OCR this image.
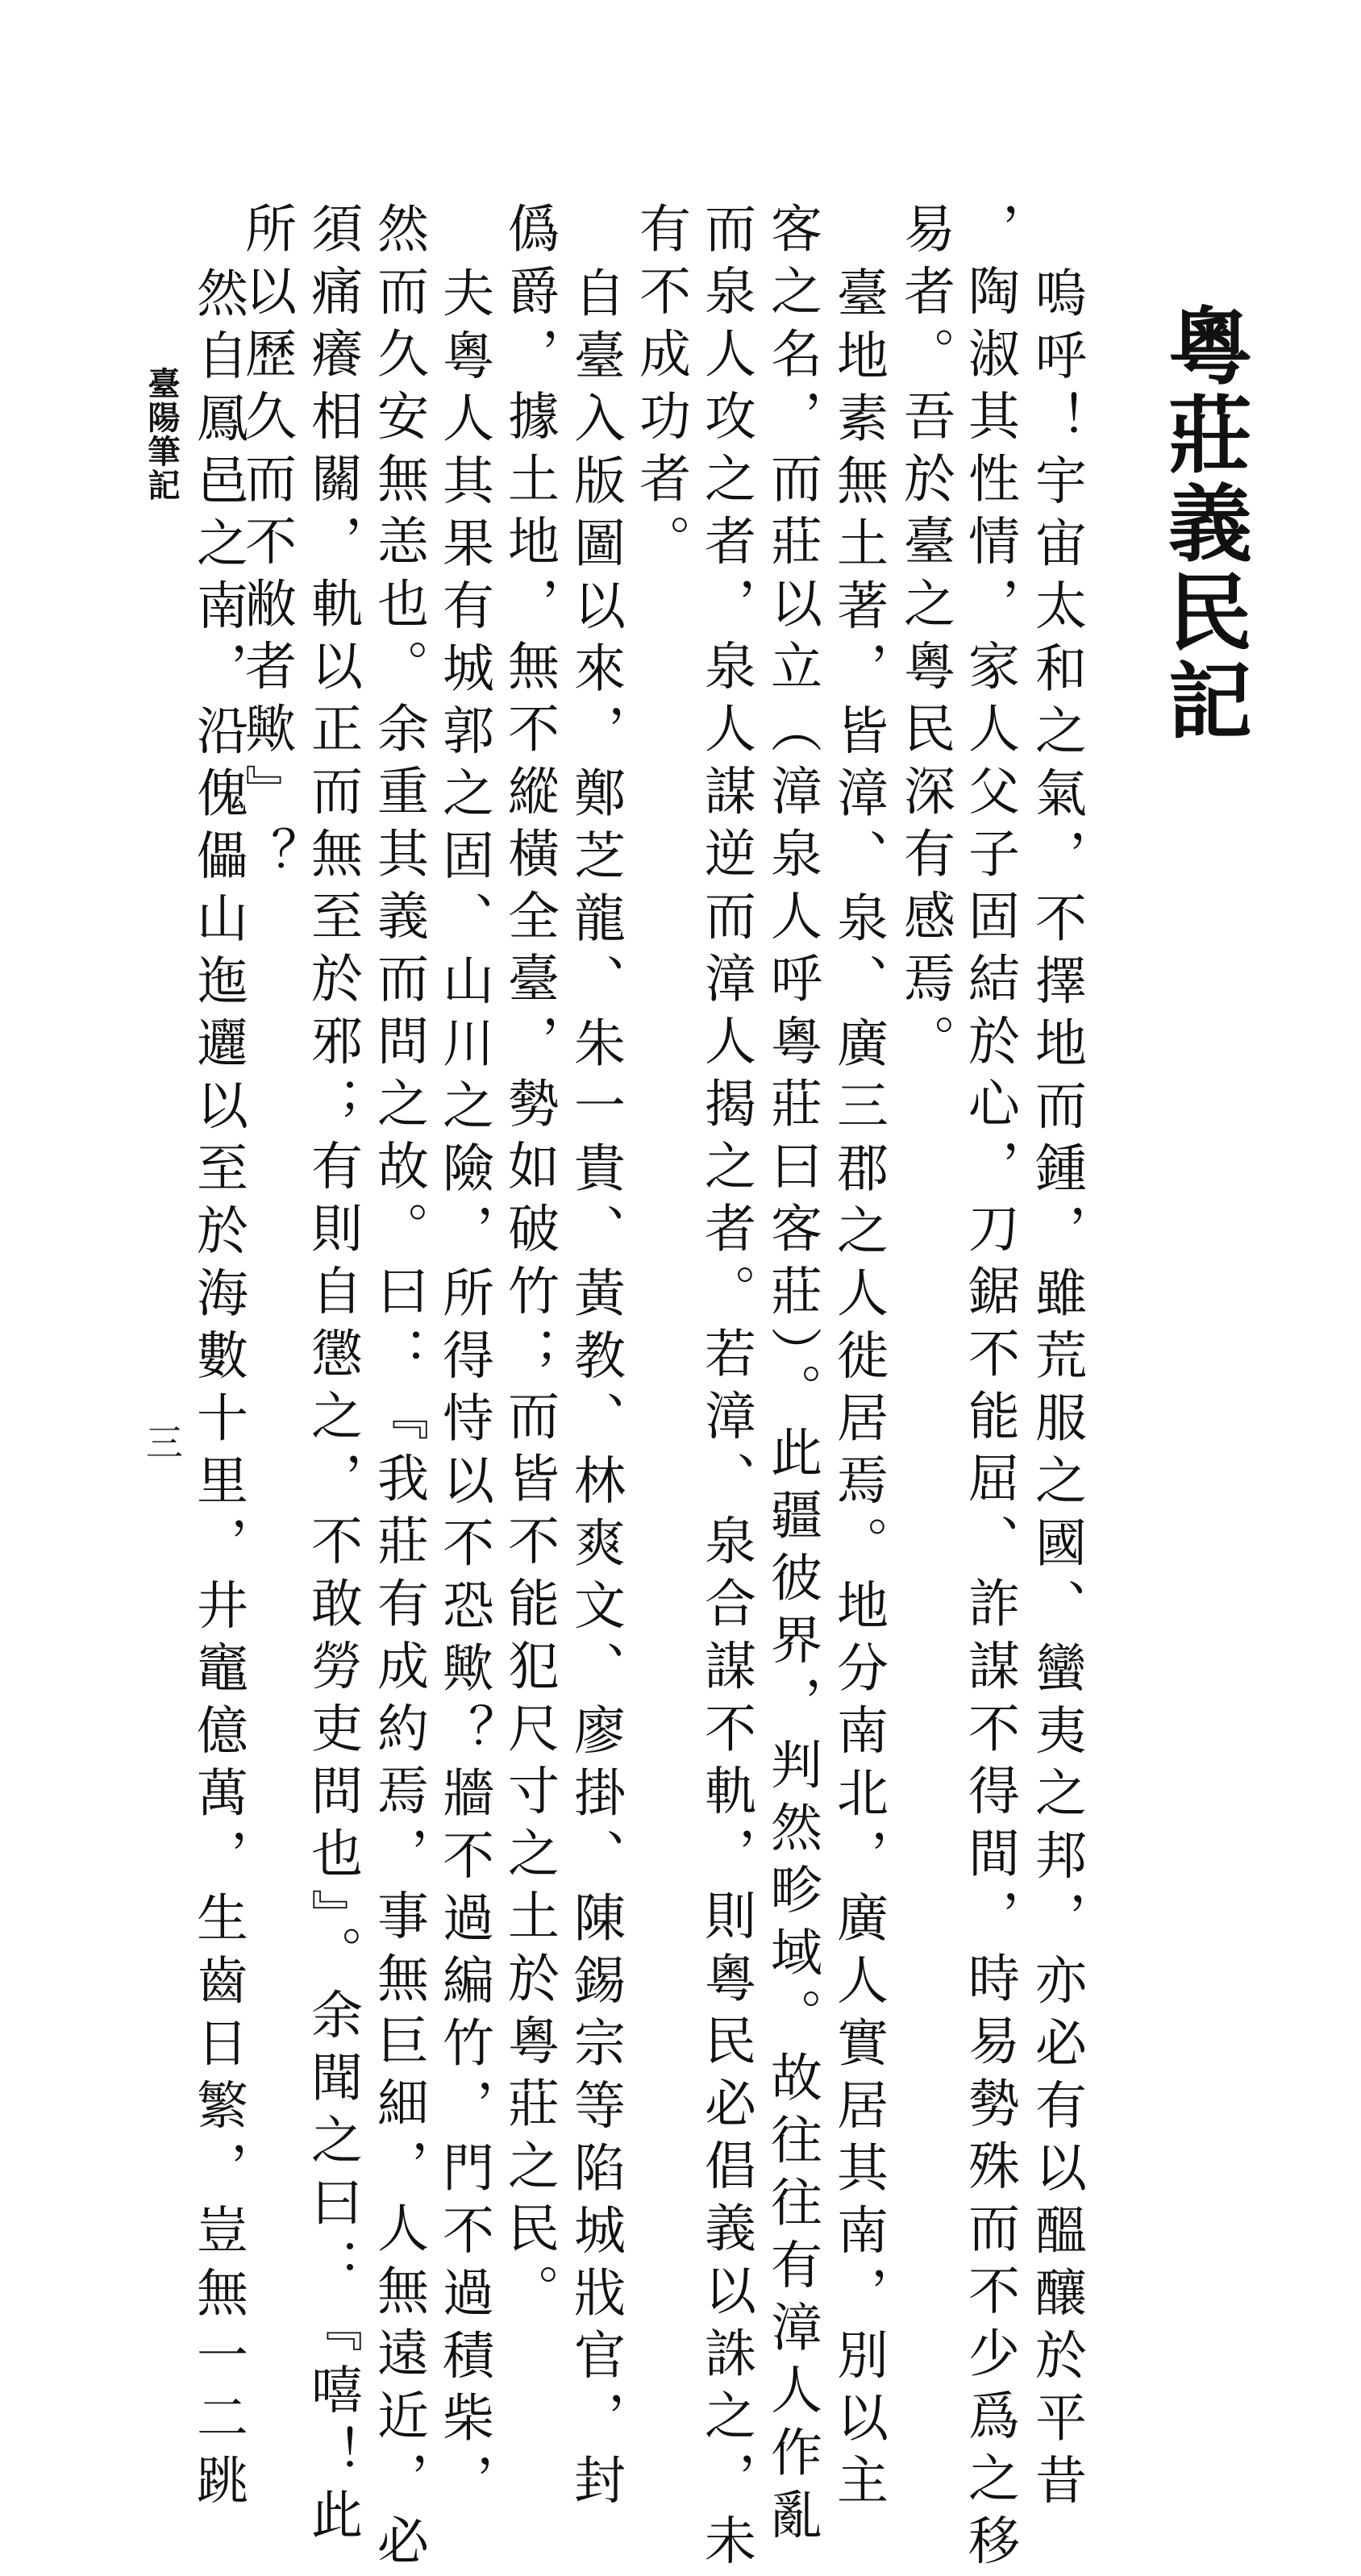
粵莊義民記
嗚呼！宇宙太和之氣，不擇地而鍾，雖荒服之國、蠻夷之邦，亦必有以醞釀於平昔
，陶淑其性情，家人父子固結於心，刀鋸不能屈、詐謀不得間，時易勢殊而不少爲之移
易者。吾於臺之粵民深有感焉。
臺地素無土著，皆漳、泉、廣三郡之人徙居焉。地分南北，廣人實居其南，別以主
客之名，而莊以立（漳泉人呼粵莊曰客莊）。此疆彼界，判然畛域。故往往有漳人作亂
而泉人攻之者，泉人謀逆而漳人揭之者。若漳、泉合謀不軌，則粵民必倡義以誅之，未
有不成功者。
自臺入版圖以來，鄭芝龍、朱一貴、黃教、林爽文、廖掛、陳錫宗等陷城戕官，封
僞爵，據土地，無不縱橫全臺，勢如破竹；而皆不能犯尺寸之土於粵莊之民。
夫粵人其果有城郭之固、山川之險，所得恃以不恐歟？牆不過編竹，門不過積柴，
然而久安無恙也。余重其義而問之故。曰：『我莊有成約焉，事無巨細，人無遠近，必
須痛癢相關，軌以正而無至於邪；有則自懲之，不敢勞吏問也』。余聞之曰：『嘻！此
所以歷久而不敝者歟』？
然自鳳邑之南，沿傀儡山迤邐以至於海數十里，井竈億萬，生齒日繁，豈無一二跳
臺陽筆記
三
